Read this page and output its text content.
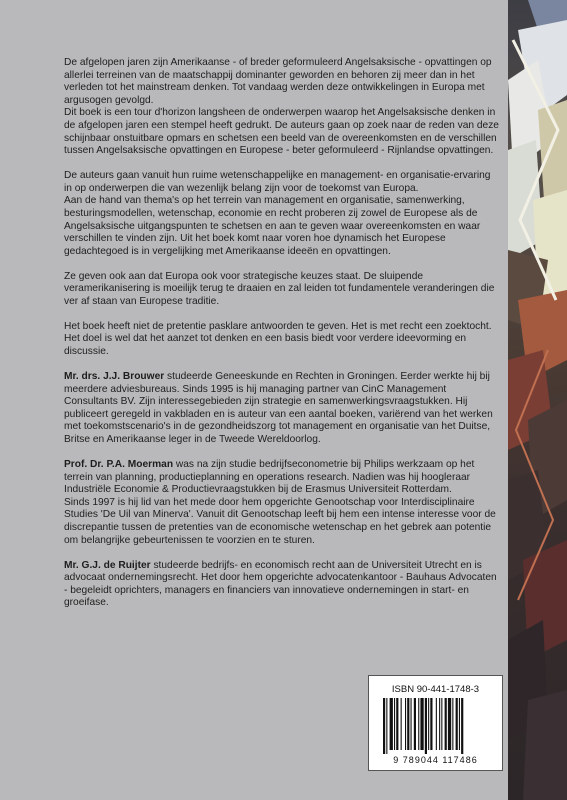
De afgelopen jaren zijn Amerikaanse - of breder geformuleerd Angelsaksische - opvattingen op allerlei terreinen van de maatschappij dominanter geworden en behoren zij meer dan in het verleden tot het mainstream denken. Tot vandaag werden deze ontwikkelingen in Europa met argusogen gevolgd.

Dit boek is een tour d'horizon langsheen de onderwerpen waarop het Angelsaksische denken in de afgelopen jaren een stempel heeft gedrukt. De auteurs gaan op zoek naar de reden van deze schijnbaar onstuitbare opmars en schetsen een beeld van de overeenkomsten en de verschillen tussen Angelsaksische opvattingen en Europese - beter geformuleerd - Rijnlandse opvattingen.

De auteurs gaan vanuit hun ruime wetenschappelijke en management- en organisatie-ervaring in op onderwerpen die van wezenlijk belang zijn voor de toekomst van Europa.

Aan de hand van thema's op het terrein van management en organisatie, samenwerking, besturingsmodellen, wetenschap, economie en recht proberen zij zowel de Europese als de Angelsaksische uitgangspunten te schetsen en aan te geven waar overeenkomsten en waar verschillen te vinden zijn. Uit het boek komt naar voren hoe dynamisch het Europese gedachtegoed is in vergelijking met Amerikaanse ideeën en opvattingen.

Ze geven ook aan dat Europa ook voor strategische keuzes staat. De sluipende veramerikanisering is moeilijk terug te draaien en zal leiden tot fundamentele veranderingen die ver af staan van Europese traditie.

Het boek heeft niet de pretentie pasklare antwoorden te geven. Het is met recht een zoektocht. Het doel is wel dat het aanzet tot denken en een basis biedt voor verdere ideevorming en discussie.

Mr. drs. J.J. Brouwer studeerde Geneeskunde en Rechten in Groningen. Eerder werkte hij bij meerdere adviesbureaus. Sinds 1995 is hij managing partner van CinC Management Consultants BV. Zijn interessegebieden zijn strategie en samenwerkingsvraagstukken. Hij publiceert geregeld in vakbladen en is auteur van een aantal boeken, variërend van het werken met toekomstscenario's in de gezondheidszorg tot management en organisatie van het Duitse, Britse en Amerikaanse leger in de Tweede Wereldoorlog.

Prof. Dr. P.A. Moerman was na zijn studie bedrijfseconometrie bij Philips werkzaam op het terrein van planning, productieplanning en operations research. Nadien was hij hoogleraar Industriële Economie & Productievraagstukken bij de Erasmus Universiteit Rotterdam.

Sinds 1997 is hij lid van het mede door hem opgerichte Genootschap voor Interdisciplinaire Studies 'De Uil van Minerva'. Vanuit dit Genootschap leeft bij hem een intense interesse voor de discrepantie tussen de pretenties van de economische wetenschap en het gebrek aan potentie om belangrijke gebeurtenissen te voorzien en te sturen.

Mr. G.J. de Ruijter studeerde bedrijfs- en economisch recht aan de Universiteit Utrecht en is advocaat ondernemingsrecht. Het door hem opgerichte advocatenkantoor - Bauhaus Advocaten - begeleidt oprichters, managers en financiers van innovatieve ondernemingen in start- en groeifase.

ISBN 90-441-1748-3
9 789044 117486
